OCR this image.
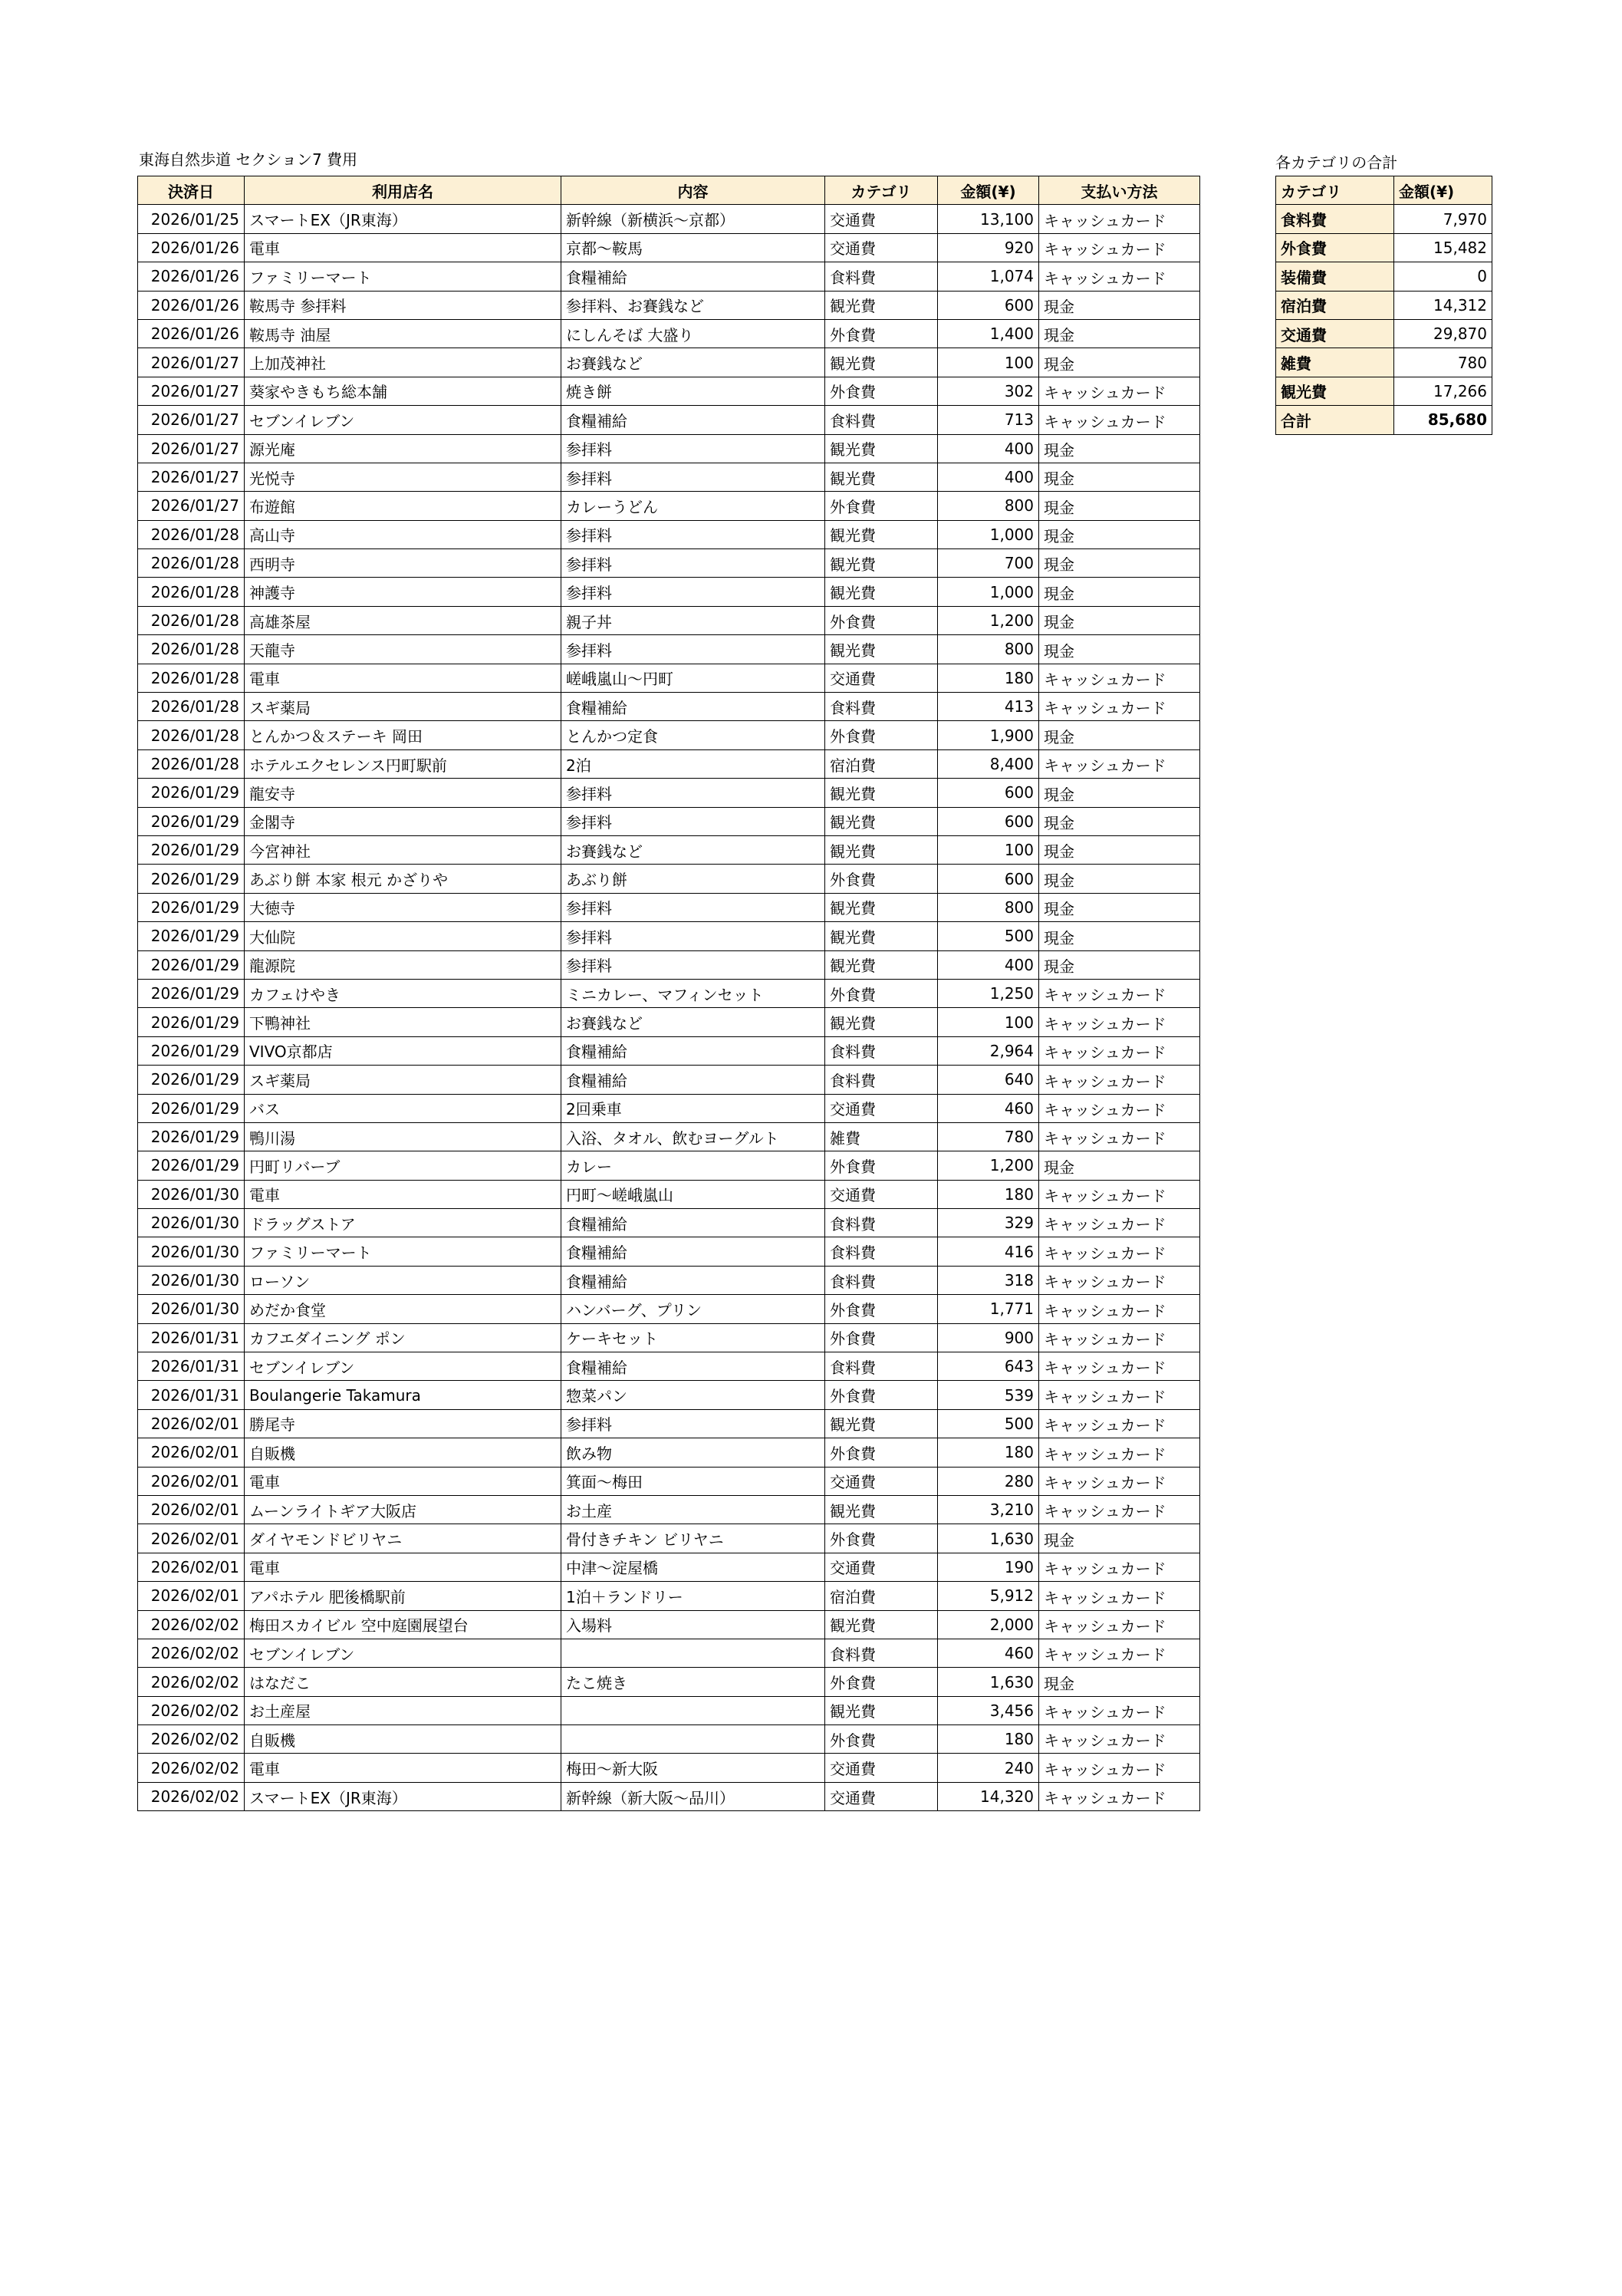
東海自然歩道 セクション7 費用	各カテゴリの合計
決済日	利用店名	内容	カテゴリ	金額(¥)	支払い方法
2026/01/25	スマートEX（JR東海）	新幹線（新横浜〜京都）	交通費	13,100	キャッシュカード
2026/01/26	電車	京都〜鞍馬	交通費	920	キャッシュカード
2026/01/26	ファミリーマート	食糧補給	食料費	1,074	キャッシュカード
2026/01/26	鞍馬寺 参拝料	参拝料、お賽銭など	観光費	600	現金
2026/01/26	鞍馬寺 油屋	にしんそば 大盛り	外食費	1,400	現金
2026/01/27	上加茂神社	お賽銭など	観光費	100	現金
2026/01/27	葵家やきもち総本舗	焼き餅	外食費	302	キャッシュカード
2026/01/27	セブンイレブン	食糧補給	食料費	713	キャッシュカード
2026/01/27	源光庵	参拝料	観光費	400	現金
2026/01/27	光悦寺	参拝料	観光費	400	現金
2026/01/27	布遊館	カレーうどん	外食費	800	現金
2026/01/28	高山寺	参拝料	観光費	1,000	現金
2026/01/28	西明寺	参拝料	観光費	700	現金
2026/01/28	神護寺	参拝料	観光費	1,000	現金
2026/01/28	高雄茶屋	親子丼	外食費	1,200	現金
2026/01/28	天龍寺	参拝料	観光費	800	現金
2026/01/28	電車	嵯峨嵐山〜円町	交通費	180	キャッシュカード
2026/01/28	スギ薬局	食糧補給	食料費	413	キャッシュカード
2026/01/28	とんかつ＆ステーキ 岡田	とんかつ定食	外食費	1,900	現金
2026/01/28	ホテルエクセレンス円町駅前	2泊	宿泊費	8,400	キャッシュカード
2026/01/29	龍安寺	参拝料	観光費	600	現金
2026/01/29	金閣寺	参拝料	観光費	600	現金
2026/01/29	今宮神社	お賽銭など	観光費	100	現金
2026/01/29	あぶり餅 本家 根元 かざりや	あぶり餅	外食費	600	現金
2026/01/29	大徳寺	参拝料	観光費	800	現金
2026/01/29	大仙院	参拝料	観光費	500	現金
2026/01/29	龍源院	参拝料	観光費	400	現金
2026/01/29	カフェけやき	ミニカレー、マフィンセット	外食費	1,250	キャッシュカード
2026/01/29	下鴨神社	お賽銭など	観光費	100	キャッシュカード
2026/01/29	VIVO京都店	食糧補給	食料費	2,964	キャッシュカード
2026/01/29	スギ薬局	食糧補給	食料費	640	キャッシュカード
2026/01/29	バス	2回乗車	交通費	460	キャッシュカード
2026/01/29	鴨川湯	入浴、タオル、飲むヨーグルト	雑費	780	キャッシュカード
2026/01/29	円町リバーブ	カレー	外食費	1,200	現金
2026/01/30	電車	円町〜嵯峨嵐山	交通費	180	キャッシュカード
2026/01/30	ドラッグストア	食糧補給	食料費	329	キャッシュカード
2026/01/30	ファミリーマート	食糧補給	食料費	416	キャッシュカード
2026/01/30	ローソン	食糧補給	食料費	318	キャッシュカード
2026/01/30	めだか食堂	ハンバーグ、プリン	外食費	1,771	キャッシュカード
2026/01/31	カフエダイニング ポン	ケーキセット	外食費	900	キャッシュカード
2026/01/31	セブンイレブン	食糧補給	食料費	643	キャッシュカード
2026/01/31	Boulangerie Takamura	惣菜パン	外食費	539	キャッシュカード
2026/02/01	勝尾寺	参拝料	観光費	500	キャッシュカード
2026/02/01	自販機	飲み物	外食費	180	キャッシュカード
2026/02/01	電車	箕面〜梅田	交通費	280	キャッシュカード
2026/02/01	ムーンライトギア大阪店	お土産	観光費	3,210	キャッシュカード
2026/02/01	ダイヤモンドビリヤニ	骨付きチキン ビリヤニ	外食費	1,630	現金
2026/02/01	電車	中津〜淀屋橋	交通費	190	キャッシュカード
2026/02/01	アパホテル 肥後橋駅前	1泊＋ランドリー	宿泊費	5,912	キャッシュカード
2026/02/02	梅田スカイビル 空中庭園展望台	入場料	観光費	2,000	キャッシュカード
2026/02/02	セブンイレブン		食料費	460	キャッシュカード
2026/02/02	はなだこ	たこ焼き	外食費	1,630	現金
2026/02/02	お土産屋		観光費	3,456	キャッシュカード
2026/02/02	自販機		外食費	180	キャッシュカード
2026/02/02	電車	梅田〜新大阪	交通費	240	キャッシュカード
2026/02/02	スマートEX（JR東海）	新幹線（新大阪〜品川）	交通費	14,320	キャッシュカード
カテゴリ	金額(¥)
食料費	7,970
外食費	15,482
装備費	0
宿泊費	14,312
交通費	29,870
雑費	780
観光費	17,266
合計	85,680
